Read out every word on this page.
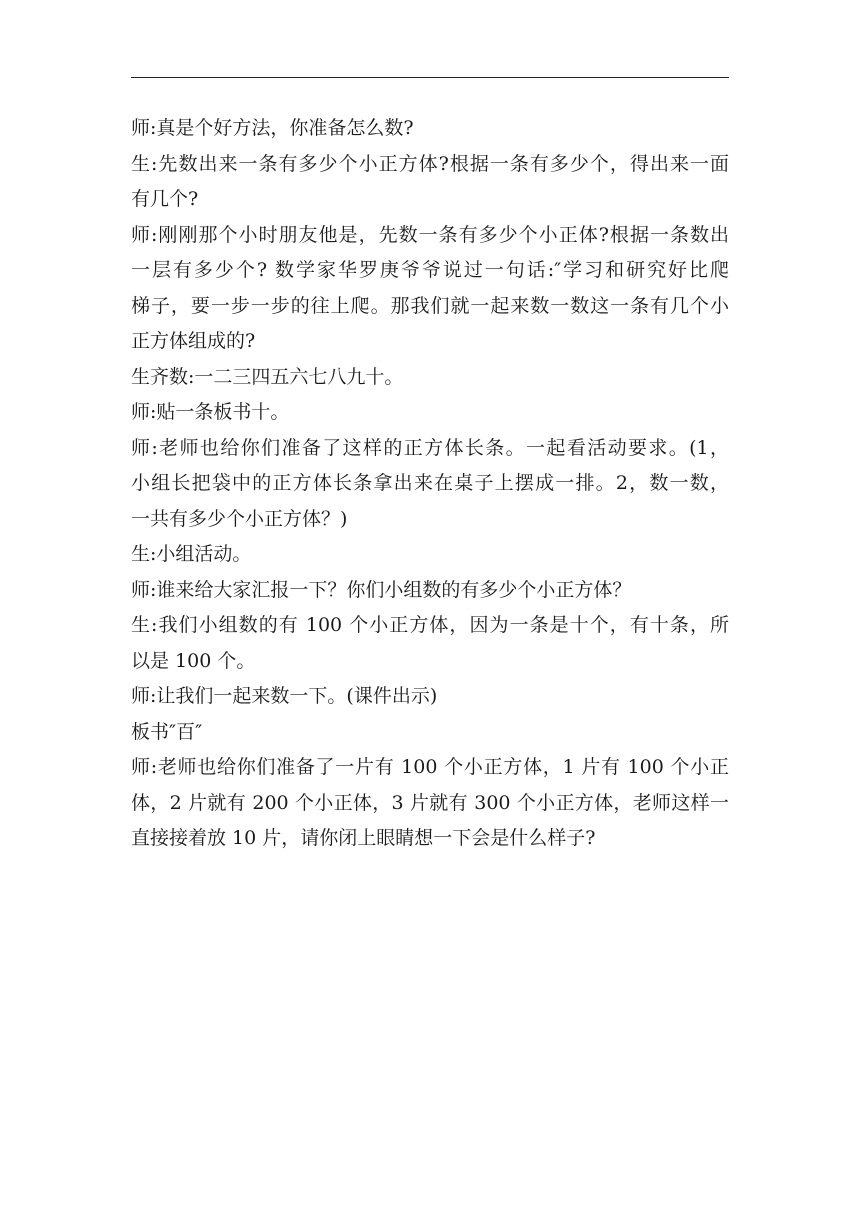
师:真是个好方法，你准备怎么数?
生:先数出来一条有多少个小正方体?根据一条有多少个，得出来一面
有几个?
师:刚刚那个小时朋友他是，先数一条有多少个小正体?根据一条数出
一层有多少个? 数学家华罗庚爷爷说过一句话:″学习和研究好比爬
梯子，要一步一步的往上爬。那我们就一起来数一数这一条有几个小
正方体组成的?
生齐数:一二三四五六七八九十。
师:贴一条板书十。
师:老师也给你们准备了这样的正方体长条。一起看活动要求。(1，
小组长把袋中的正方体长条拿出来在桌子上摆成一排。2，数一数，
一共有多少个小正方体？)
生:小组活动。
师:谁来给大家汇报一下？你们小组数的有多少个小正方体？
生:我们小组数的有 100 个小正方体，因为一条是十个，有十条，所
以是 100 个。
师:让我们一起来数一下。(课件出示)
板书″百″
师:老师也给你们准备了一片有 100 个小正方体，1 片有 100 个小正
体，2 片就有 200 个小正体，3 片就有 300 个小正方体，老师这样一
直接接着放 10 片，请你闭上眼睛想一下会是什么样子?
